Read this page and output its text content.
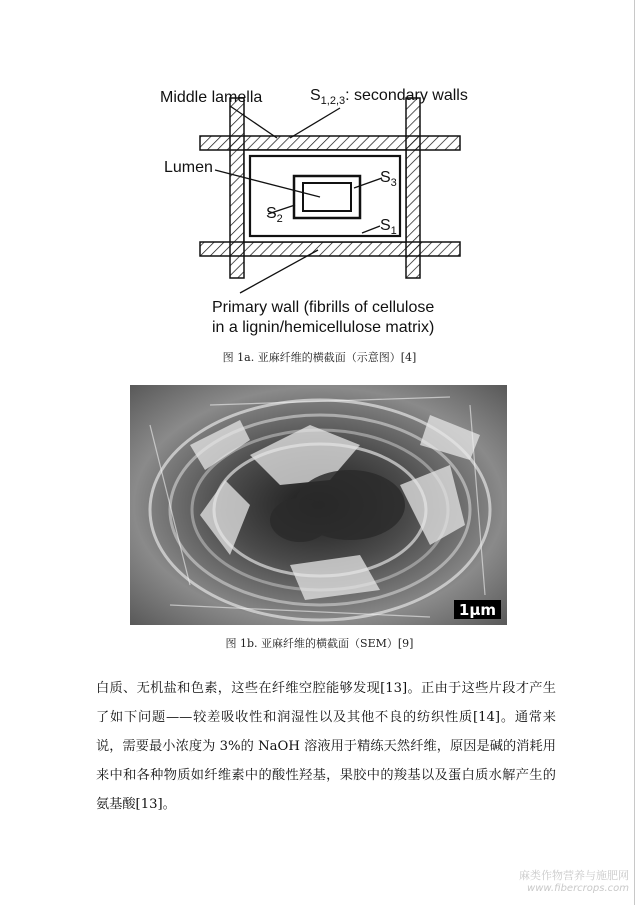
Middle lamella	$S_{1,2,3}$: secondary walls
Lumen
$S_3$
$S_2$	$S_1$
Primary wall (fibrills of cellulose
in a lignin/hemicellulose matrix)
图 1a. 亚麻纤维的横截面（示意图）[4]
1μm
图 1b. 亚麻纤维的横截面（SEM）[9]
白质、无机盐和色素，这些在纤维空腔能够发现[13]。正由于这些片段才产生了如下问题——较差吸收性和润湿性以及其他不良的纺织性质[14]。通常来说，需要最小浓度为 3%的 NaOH 溶液用于精练天然纤维，原因是碱的消耗用来中和各种物质如纤维素中的酸性羟基，果胶中的羧基以及蛋白质水解产生的氨基酸[13]。
麻类作物营养与施肥网
www.fibercrops.com
